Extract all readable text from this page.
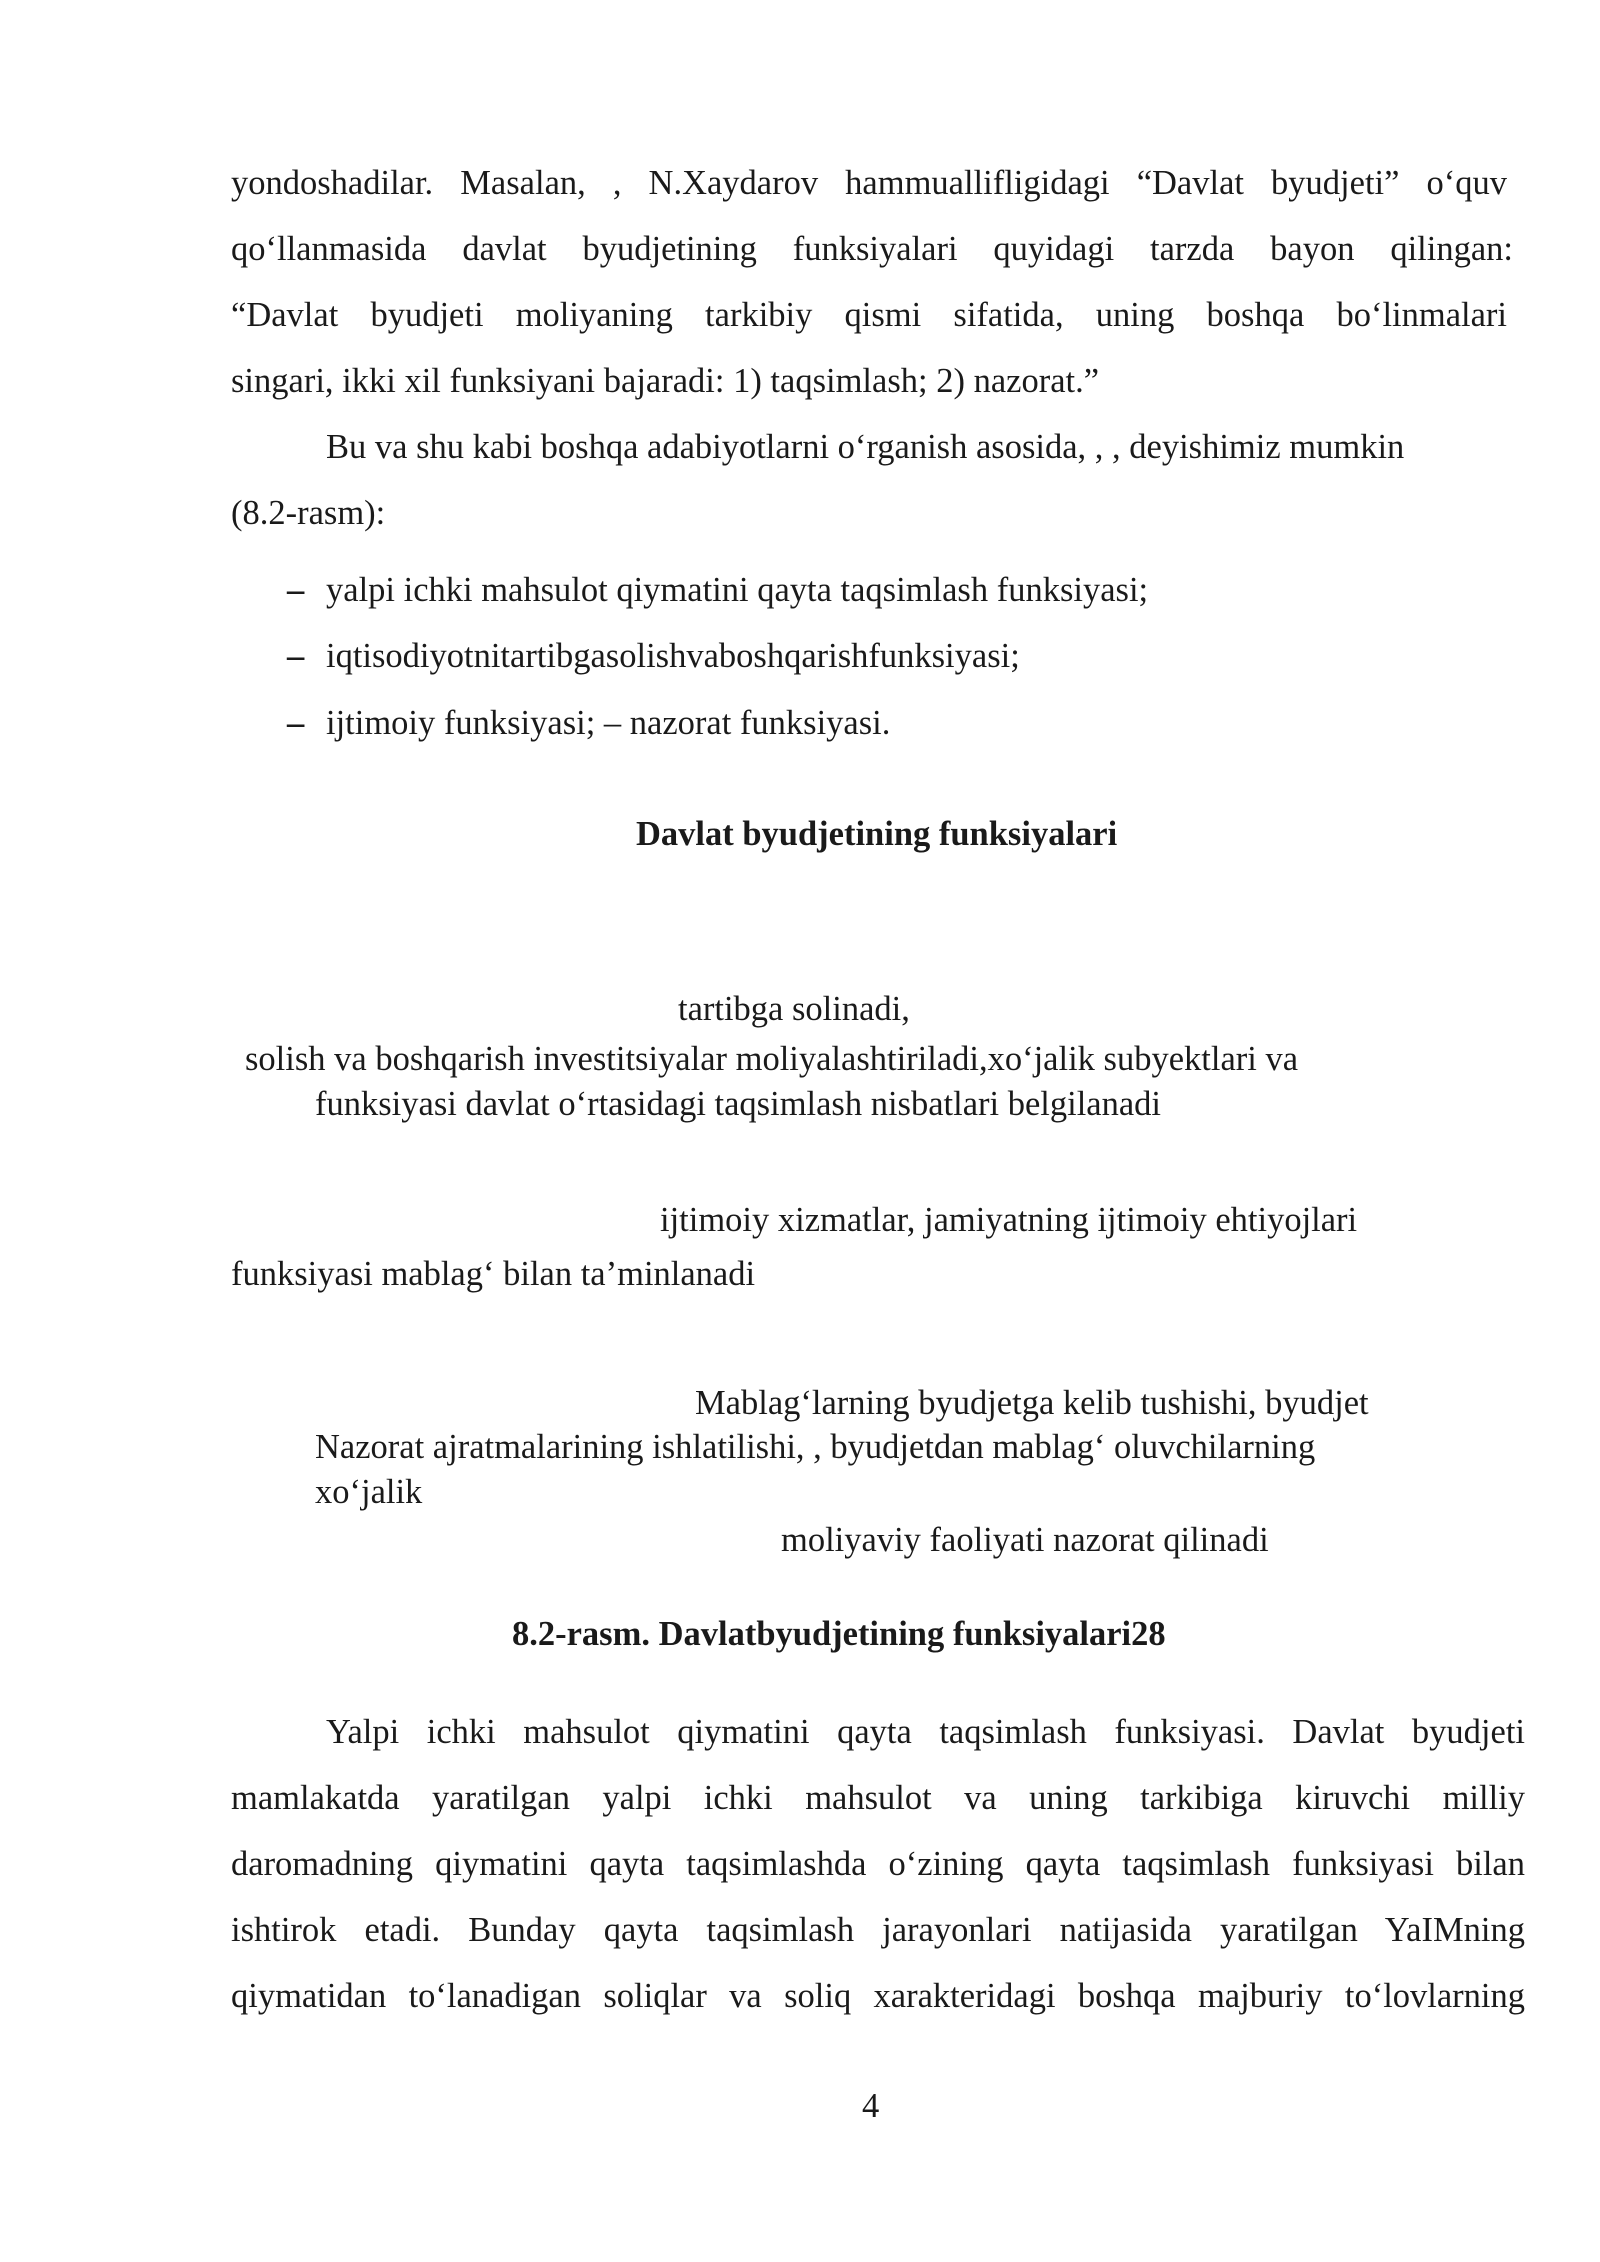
yondoshadilar. Masalan, , N.Xaydarov hammuallifligidagi “Davlat byudjeti” o‘quv
qo‘llanmasida davlat byudjetining funksiyalari quyidagi tarzda bayon qilingan:
“Davlat byudjeti moliyaning tarkibiy qismi sifatida, uning boshqa bo‘linmalari
singari, ikki xil funksiyani bajaradi: 1) taqsimlash; 2) nazorat.”
Bu va shu kabi boshqa adabiyotlarni o‘rganish asosida, , , deyishimiz mumkin
(8.2-rasm):
– yalpi ichki mahsulot qiymatini qayta taqsimlash funksiyasi;
– iqtisodiyotnitartibgasolishvaboshqarishfunksiyasi;
– ijtimoiy funksiyasi; – nazorat funksiyasi.
Davlat byudjetining funksiyalari
tartibga solinadi,
solish va boshqarish investitsiyalar moliyalashtiriladi,xo‘jalik subyektlari va
funksiyasi davlat o‘rtasidagi taqsimlash nisbatlari belgilanadi
ijtimoiy xizmatlar, jamiyatning ijtimoiy ehtiyojlari
funksiyasi mablag‘ bilan ta’minlanadi
Mablag‘larning byudjetga kelib tushishi, byudjet
Nazorat ajratmalarining ishlatilishi, , byudjetdan mablag‘ oluvchilarning
xo‘jalik
moliyaviy faoliyati nazorat qilinadi
8.2-rasm. Davlatbyudjetining funksiyalari28
Yalpi ichki mahsulot qiymatini qayta taqsimlash funksiyasi. Davlat byudjeti
mamlakatda yaratilgan yalpi ichki mahsulot va uning tarkibiga kiruvchi milliy
daromadning qiymatini qayta taqsimlashda o‘zining qayta taqsimlash funksiyasi bilan
ishtirok etadi. Bunday qayta taqsimlash jarayonlari natijasida yaratilgan YaIMning
qiymatidan to‘lanadigan soliqlar va soliq xarakteridagi boshqa majburiy to‘lovlarning
4
